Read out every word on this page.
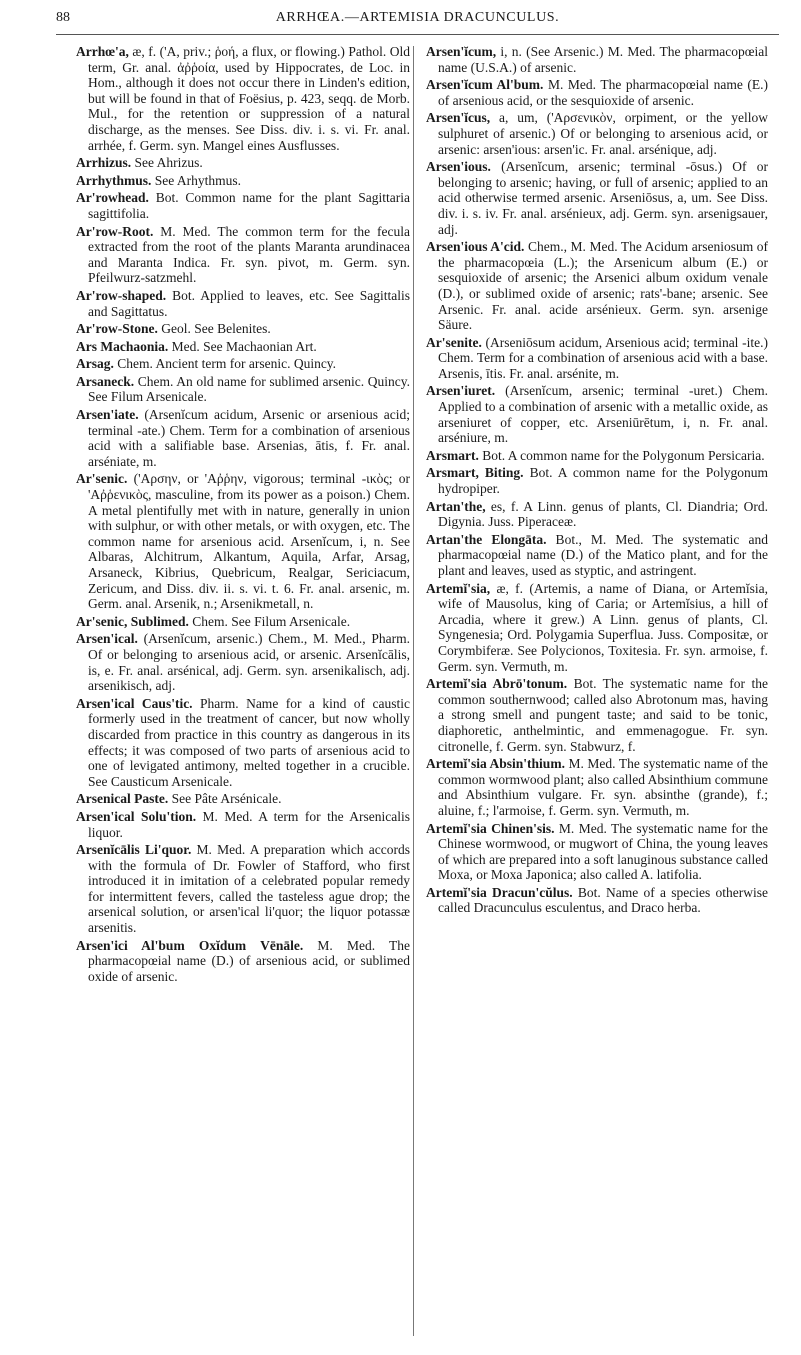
88	ARRHŒA.—ARTEMISIA DRACUNCULUS.

Arrhœ'a, æ, f. ('A, priv.; ῥοή, a flux, or flowing.) Pathol. Old term, Gr. anal. ἀῤῥοία, used by Hippocrates, de Loc. in Hom., although it does not occur there in Linden's edition, but will be found in that of Foësius, p. 423, seqq. de Morb. Mul., for the retention or suppression of a natural discharge, as the menses. See Diss. div. i. s. vi. Fr. anal. arrhée, f. Germ. syn. Mangel eines Ausflusses.

Arrhizus. See Ahrizus.

Arrhythmus. See Arhythmus.

Ar'rowhead. Bot. Common name for the plant Sagittaria sagittifolia.

Ar'row-Root. M. Med. The common term for the fecula extracted from the root of the plants Maranta arundinacea and Maranta Indica. Fr. syn. pivot, m. Germ. syn. Pfeilwurz-satzmehl.

Ar'row-shaped. Bot. Applied to leaves, etc. See Sagittalis and Sagittatus.

Ar'row-Stone. Geol. See Belenites.

Ars Machaonia. Med. See Machaonian Art.

Arsag. Chem. Ancient term for arsenic. Quincy.

Arsaneck. Chem. An old name for sublimed arsenic. Quincy. See Filum Arsenicale.

Arsen'iate. (Arsenĭcum acidum, Arsenic or arsenious acid; terminal -ate.) Chem. Term for a combination of arsenious acid with a salifiable base. Arsenias, ātis, f. Fr. anal. arséniate, m.

Ar'senic. ('Αρσην, or 'Αῤῥην, vigorous; terminal -ικὸς; or 'Αῤῥενικὸς, masculine, from its power as a poison.) Chem. A metal plentifully met with in nature, generally in union with sulphur, or with other metals, or with oxygen, etc. The common name for arsenious acid. Arsenĭcum, i, n. See Albaras, Alchitrum, Alkantum, Aquila, Arfar, Arsag, Arsaneck, Kibrius, Quebricum, Realgar, Sericiacum, Zericum, and Diss. div. ii. s. vi. t. 6. Fr. anal. arsenic, m. Germ. anal. Arsenik, n.; Arsenikmetall, n.

Ar'senic, Sublimed. Chem. See Filum Arsenicale.

Arsen'ical. (Arsenĭcum, arsenic.) Chem., M. Med., Pharm. Of or belonging to arsenious acid, or arsenic. Arsenĭcālis, is, e. Fr. anal. arsénical, adj. Germ. syn. arsenikalisch, adj. arsenikisch, adj.

Arsen'ical Caus'tic. Pharm. Name for a kind of caustic formerly used in the treatment of cancer, but now wholly discarded from practice in this country as dangerous in its effects; it was composed of two parts of arsenious acid to one of levigated antimony, melted together in a crucible. See Causticum Arsenicale.

Arsenical Paste. See Pâte Arsénicale.

Arsen'ical Solu'tion. M. Med. A term for the Arsenicalis liquor.

Arsenĭcālis Li'quor. M. Med. A preparation which accords with the formula of Dr. Fowler of Stafford, who first introduced it in imitation of a celebrated popular remedy for intermittent fevers, called the tasteless ague drop; the arsenical solution, or arsen'ical li'quor; the liquor potassæ arsenitis.

Arsen'ici Al'bum Oxĭdum Vēnāle. M. Med. The pharmacopœial name (D.) of arsenious acid, or sublimed oxide of arsenic.

Arsen'ĭcum, i, n. (See Arsenic.) M. Med. The pharmacopœial name (U.S.A.) of arsenic.

Arsen'ĭcum Al'bum. M. Med. The pharmacopœial name (E.) of arsenious acid, or the sesquioxide of arsenic.

Arsen'ĭcus, a, um, ('Αρσενικὸν, orpiment, or the yellow sulphuret of arsenic.) Of or belonging to arsenious acid, or arsenic: arsen'ious: arsen'ic. Fr. anal. arsénique, adj.

Arsen'ious. (Arsenĭcum, arsenic; terminal -ōsus.) Of or belonging to arsenic; having, or full of arsenic; applied to an acid otherwise termed arsenic. Arseniōsus, a, um. See Diss. div. i. s. iv. Fr. anal. arsénieux, adj. Germ. syn. arsenigsauer, adj.

Arsen'ious A'cid. Chem., M. Med. The Acidum arseniosum of the pharmacopœia (L.); the Arsenicum album (E.) or sesquioxide of arsenic; the Arsenici album oxidum venale (D.), or sublimed oxide of arsenic; rats'-bane; arsenic. See Arsenic. Fr. anal. acide arsénieux. Germ. syn. arsenige Säure.

Ar'senite. (Arseniōsum acidum, Arsenious acid; terminal -ite.) Chem. Term for a combination of arsenious acid with a base. Arsenis, ītis. Fr. anal. arsénite, m.

Arsen'iuret. (Arsenĭcum, arsenic; terminal -uret.) Chem. Applied to a combination of arsenic with a metallic oxide, as arseniuret of copper, etc. Arseniūrētum, i, n. Fr. anal. arséniure, m.

Arsmart. Bot. A common name for the Polygonum Persicaria.

Arsmart, Biting. Bot. A common name for the Polygonum hydropiper.

Artan'the, es, f. A Linn. genus of plants, Cl. Diandria; Ord. Digynia. Juss. Piperaceæ.

Artan'the Elongāta. Bot., M. Med. The systematic and pharmacopœial name (D.) of the Matico plant, and for the plant and leaves, used as styptic, and astringent.

Artemĭ'sia, æ, f. (Artemis, a name of Diana, or Artemĭsia, wife of Mausolus, king of Caria; or Artemĭsius, a hill of Arcadia, where it grew.) A Linn. genus of plants, Cl. Syngenesia; Ord. Polygamia Superflua. Juss. Compositæ, or Corymbiferæ. See Polycionos, Toxitesia. Fr. syn. armoise, f. Germ. syn. Vermuth, m.

Artemĭ'sia Abrō'tonum. Bot. The systematic name for the common southernwood; called also Abrotonum mas, having a strong smell and pungent taste; and said to be tonic, diaphoretic, anthelmintic, and emmenagogue. Fr. syn. citronelle, f. Germ. syn. Stabwurz, f.

Artemĭ'sia Absin'thium. M. Med. The systematic name of the common wormwood plant; also called Absinthium commune and Absinthium vulgare. Fr. syn. absinthe (grande), f.; aluine, f.; l'armoise, f. Germ. syn. Vermuth, m.

Artemĭ'sia Chinen'sis. M. Med. The systematic name for the Chinese wormwood, or mugwort of China, the young leaves of which are prepared into a soft lanuginous substance called Moxa, or Moxa Japonica; also called A. latifolia.

Artemĭ'sia Dracun'cŭlus. Bot. Name of a species otherwise called Dracunculus esculentus, and Draco herba.
